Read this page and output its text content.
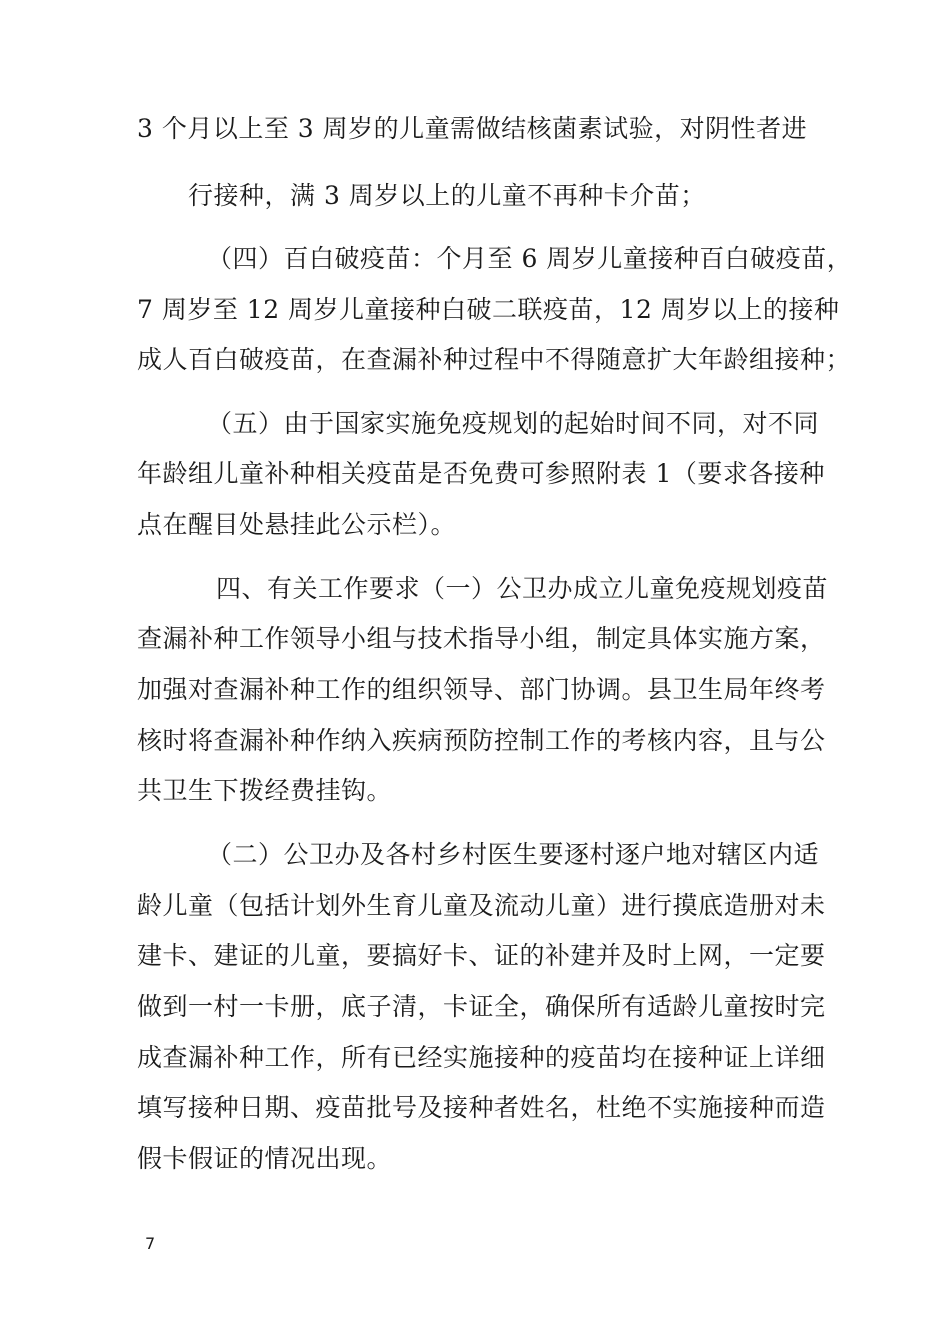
3 个月以上至 3 周岁的儿童需做结核菌素试验，对阴性者进
行接种，满 3 周岁以上的儿童不再种卡介苗；
（四）百白破疫苗：个月至 6 周岁儿童接种百白破疫苗，
7 周岁至 12 周岁儿童接种白破二联疫苗，12 周岁以上的接种
成人百白破疫苗，在查漏补种过程中不得随意扩大年龄组接种；
（五）由于国家实施免疫规划的起始时间不同，对不同
年龄组儿童补种相关疫苗是否免费可参照附表 1（要求各接种
点在醒目处悬挂此公示栏）。
四、有关工作要求（一）公卫办成立儿童免疫规划疫苗
查漏补种工作领导小组与技术指导小组，制定具体实施方案，
加强对查漏补种工作的组织领导、部门协调。县卫生局年终考
核时将查漏补种作纳入疾病预防控制工作的考核内容，且与公
共卫生下拨经费挂钩。
（二）公卫办及各村乡村医生要逐村逐户地对辖区内适
龄儿童（包括计划外生育儿童及流动儿童）进行摸底造册对未
建卡、建证的儿童，要搞好卡、证的补建并及时上网，一定要
做到一村一卡册，底子清，卡证全，确保所有适龄儿童按时完
成查漏补种工作，所有已经实施接种的疫苗均在接种证上详细
填写接种日期、疫苗批号及接种者姓名，杜绝不实施接种而造
假卡假证的情况出现。
7
